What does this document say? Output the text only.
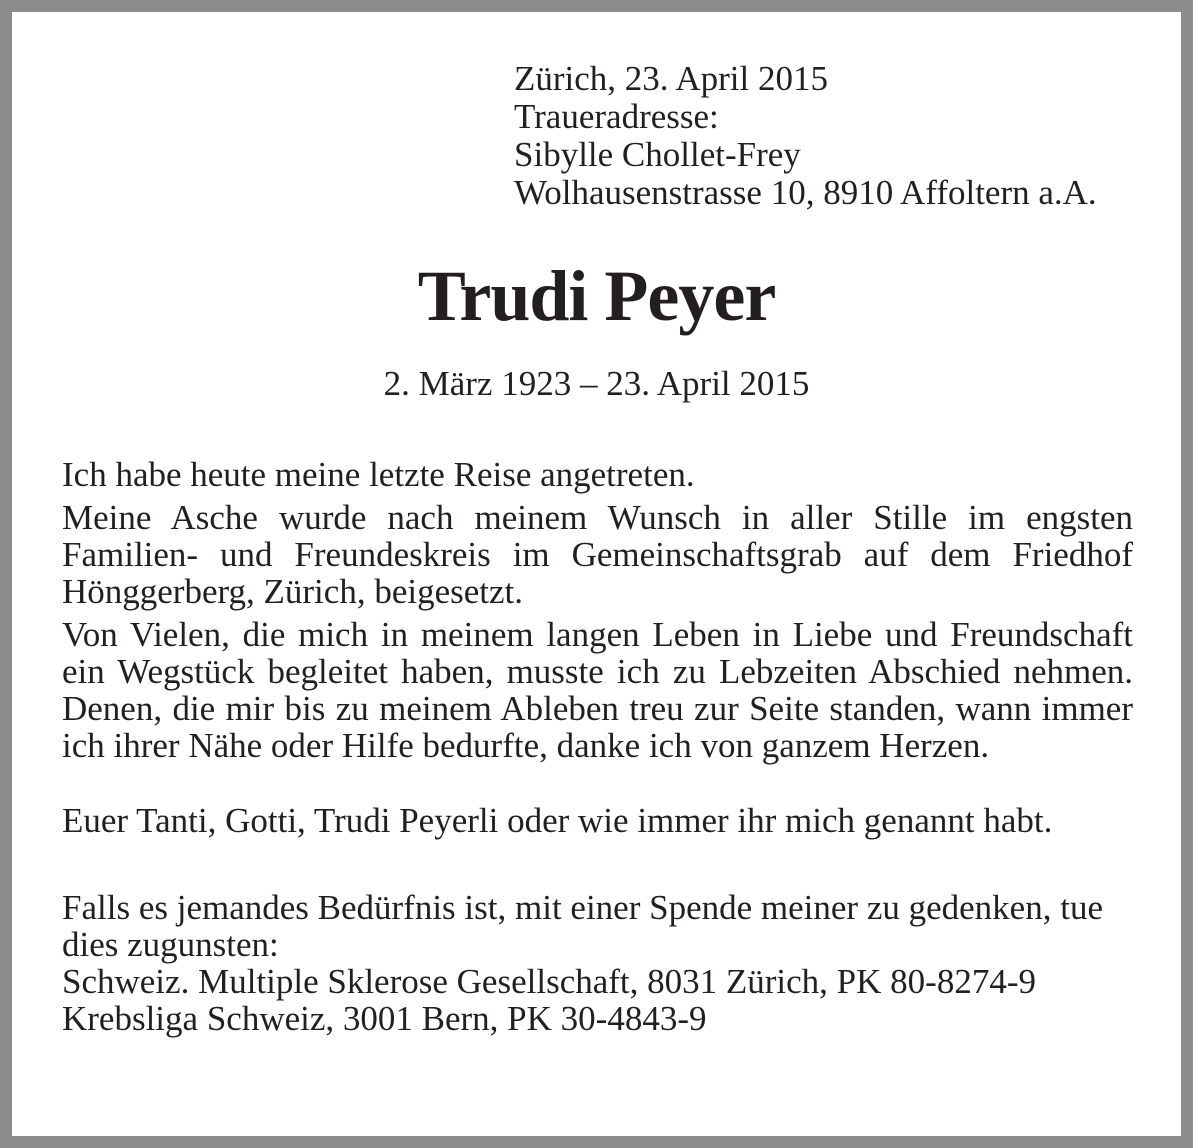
Zürich, 23. April 2015
Traueradresse:
Sibylle Chollet-Frey
Wolhausenstrasse 10, 8910 Affoltern a.A.
Trudi Peyer
2. März 1923 – 23. April 2015

Ich habe heute meine letzte Reise angetreten.

Meine Asche wurde nach meinem Wunsch in aller Stille im engsten Familien- und Freundeskreis im Gemeinschaftsgrab auf dem Friedhof Hönggerberg, Zürich, beigesetzt.

Von Vielen, die mich in meinem langen Leben in Liebe und Freundschaft ein Wegstück begleitet haben, musste ich zu Lebzeiten Abschied nehmen. Denen, die mir bis zu meinem Ableben treu zur Seite standen, wann immer ich ihrer Nähe oder Hilfe bedurfte, danke ich von ganzem Herzen.

Euer Tanti, Gotti, Trudi Peyerli oder wie immer ihr mich genannt habt.

Falls es jemandes Bedürfnis ist, mit einer Spende meiner zu gedenken, tue dies zugunsten:

Schweiz. Multiple Sklerose Gesellschaft, 8031 Zürich, PK 80-8274-9

Krebsliga Schweiz, 3001 Bern, PK 30-4843-9
